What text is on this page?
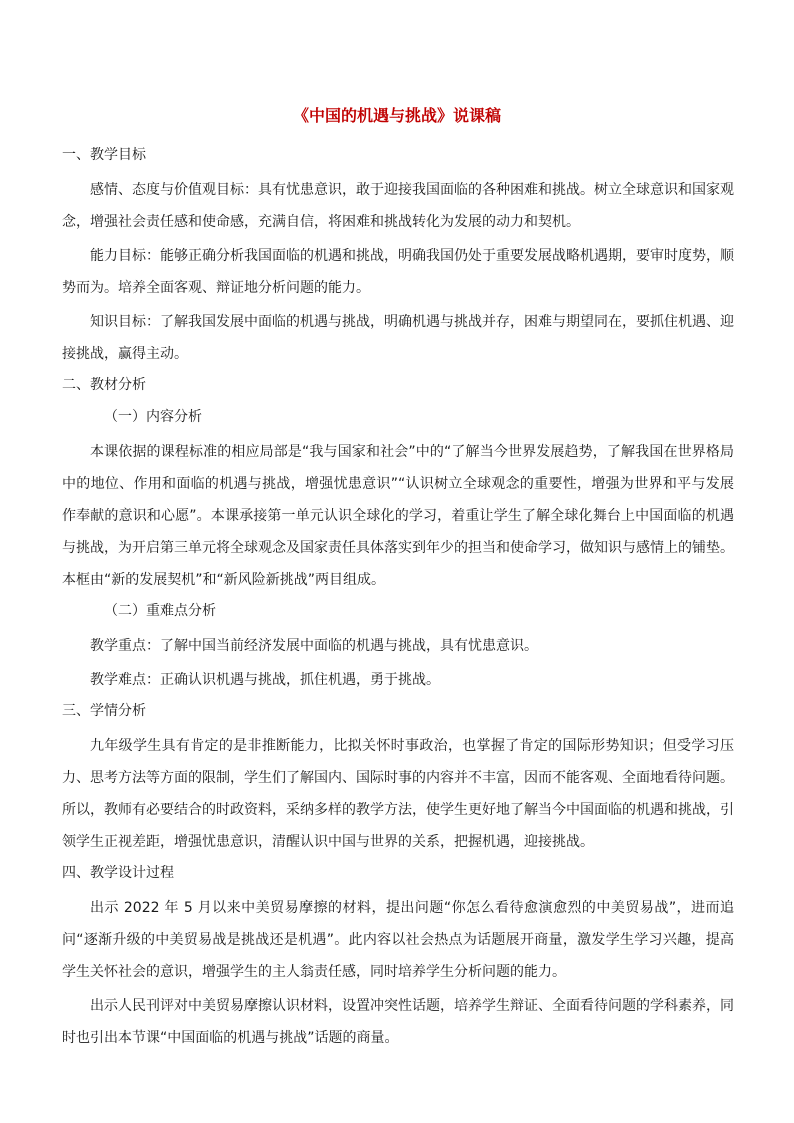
《中国的机遇与挑战》说课稿
一、教学目标
感情、态度与价值观目标：具有忧患意识，敢于迎接我国面临的各种困难和挑战。树立全球意识和国家观念，增强社会责任感和使命感，充满自信，将困难和挑战转化为发展的动力和契机。
能力目标：能够正确分析我国面临的机遇和挑战，明确我国仍处于重要发展战略机遇期，要审时度势，顺势而为。培养全面客观、辩证地分析问题的能力。
知识目标：了解我国发展中面临的机遇与挑战，明确机遇与挑战并存，困难与期望同在，要抓住机遇、迎接挑战，赢得主动。
二、教材分析
（一）内容分析
本课依据的课程标准的相应局部是“我与国家和社会”中的“了解当今世界发展趋势，了解我国在世界格局中的地位、作用和面临的机遇与挑战，增强忧患意识”“认识树立全球观念的重要性，增强为世界和平与发展作奉献的意识和心愿”。本课承接第一单元认识全球化的学习，着重让学生了解全球化舞台上中国面临的机遇与挑战，为开启第三单元将全球观念及国家责任具体落实到年少的担当和使命学习，做知识与感情上的铺垫。本框由“新的发展契机”和“新风险新挑战”两目组成。
（二）重难点分析
教学重点：了解中国当前经济发展中面临的机遇与挑战，具有忧患意识。
教学难点：正确认识机遇与挑战，抓住机遇，勇于挑战。
三、学情分析
九年级学生具有肯定的是非推断能力，比拟关怀时事政治，也掌握了肯定的国际形势知识；但受学习压力、思考方法等方面的限制，学生们了解国内、国际时事的内容并不丰富，因而不能客观、全面地看待问题。所以，教师有必要结合的时政资料，采纳多样的教学方法，使学生更好地了解当今中国面临的机遇和挑战，引领学生正视差距，增强忧患意识，清醒认识中国与世界的关系，把握机遇，迎接挑战。
四、教学设计过程
出示 2022 年 5 月以来中美贸易摩擦的材料，提出问题“你怎么看待愈演愈烈的中美贸易战”，进而追问“逐渐升级的中美贸易战是挑战还是机遇”。此内容以社会热点为话题展开商量，激发学生学习兴趣，提高学生关怀社会的意识，增强学生的主人翁责任感，同时培养学生分析问题的能力。
出示人民刊评对中美贸易摩擦认识材料，设置冲突性话题，培养学生辩证、全面看待问题的学科素养，同时也引出本节课“中国面临的机遇与挑战”话题的商量。
